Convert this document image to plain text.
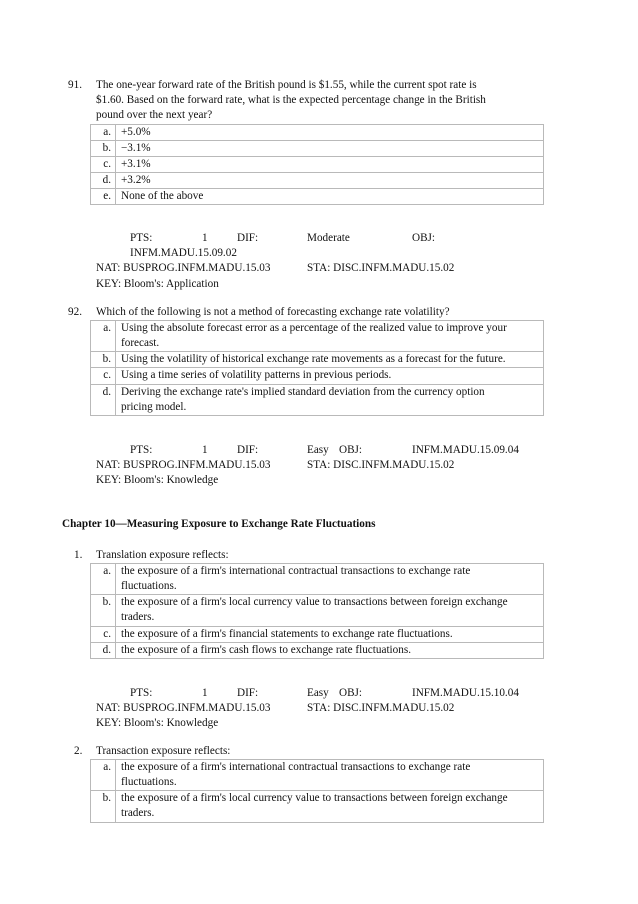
91. The one-year forward rate of the British pound is $1.55, while the current spot rate is
$1.60. Based on the forward rate, what is the expected percentage change in the British
pound over the next year?
a.	+5.0%
b.	−3.1%
c.	+3.1%
d.	+3.2%
e.	None of the above
PTS:	1	DIF:	Moderate	OBJ:
INFM.MADU.15.09.02
NAT: BUSPROG.INFM.MADU.15.03	STA: DISC.INFM.MADU.15.02
KEY: Bloom's: Application
92. Which of the following is not a method of forecasting exchange rate volatility?
a.	Using the absolute forecast error as a percentage of the realized value to improve your
forecast.

b.	Using the volatility of historical exchange rate movements as a forecast for the future.
c.	Using a time series of volatility patterns in previous periods.
d.	Deriving the exchange rate's implied standard deviation from the currency option
pricing model.
PTS:	1	DIF:	Easy OBJ:	INFM.MADU.15.09.04
NAT: BUSPROG.INFM.MADU.15.03	STA: DISC.INFM.MADU.15.02
KEY: Bloom's: Knowledge
Chapter 10—Measuring Exposure to Exchange Rate Fluctuations
1. Translation exposure reflects:
a.	the exposure of a firm's international contractual transactions to exchange rate
fluctuations.

b.	the exposure of a firm's local currency value to transactions between foreign exchange
traders.

c.	the exposure of a firm's financial statements to exchange rate fluctuations.
d.	the exposure of a firm's cash flows to exchange rate fluctuations.
PTS:	1	DIF:	Easy OBJ:	INFM.MADU.15.10.04
NAT: BUSPROG.INFM.MADU.15.03	STA: DISC.INFM.MADU.15.02
KEY: Bloom's: Knowledge
2. Transaction exposure reflects:
a.	the exposure of a firm's international contractual transactions to exchange rate
fluctuations.

b.	the exposure of a firm's local currency value to transactions between foreign exchange
traders.
